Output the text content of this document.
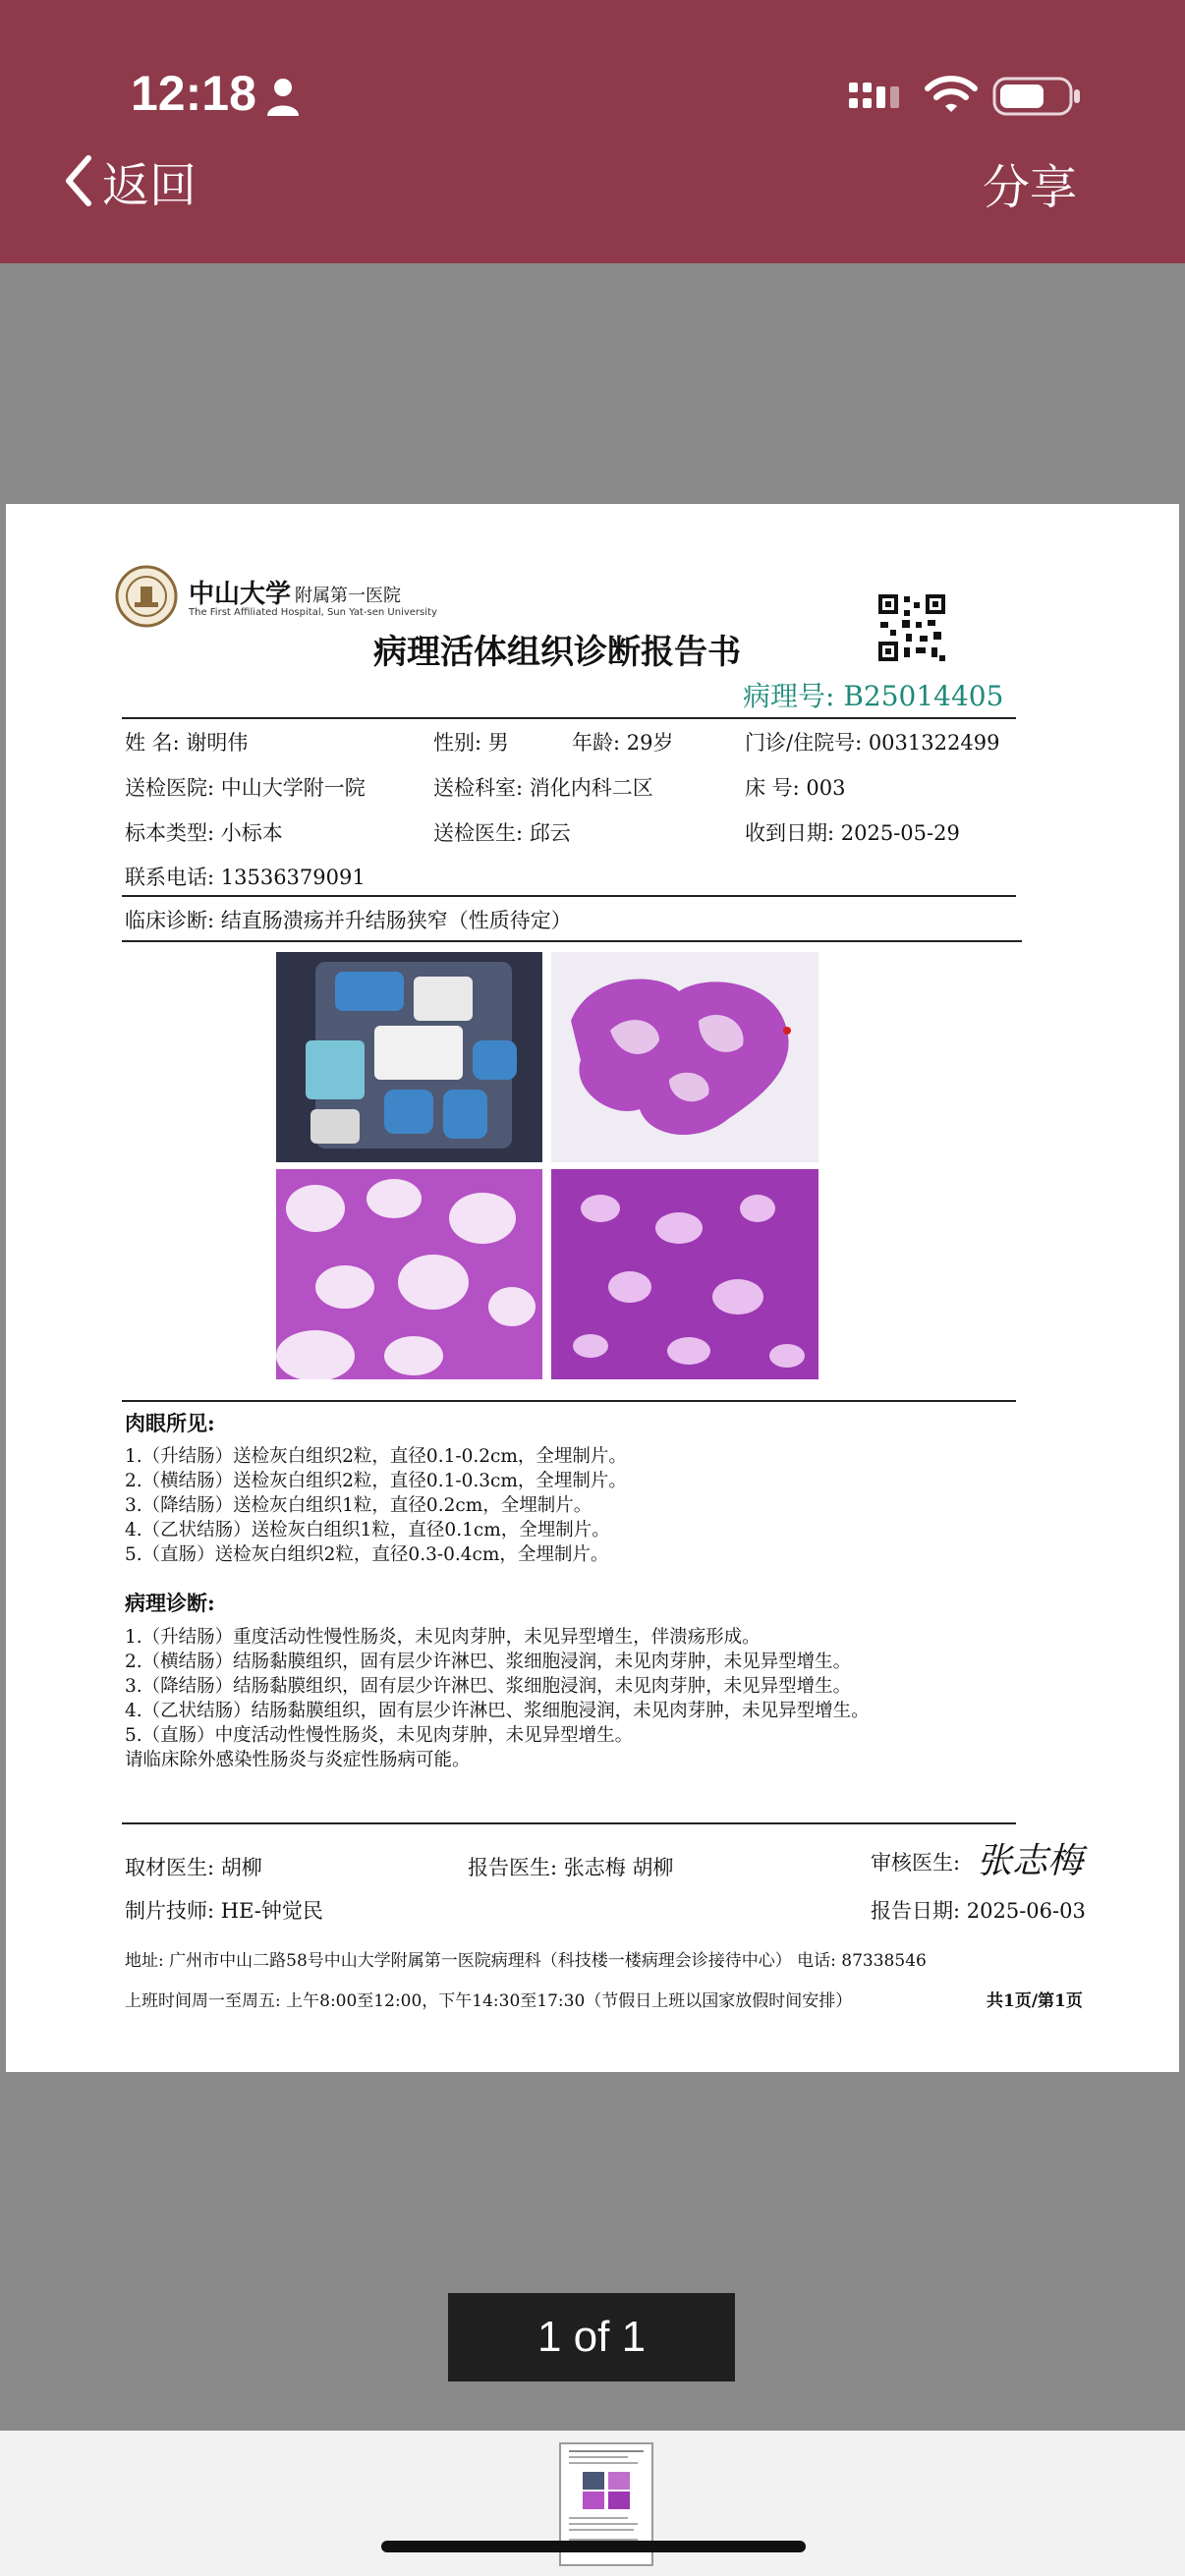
12:18
返回	分享
中山大学 附属第一医院
The First Affiliated Hospital, Sun Yat-sen University
病理活体组织诊断报告书
病理号: B25014405
姓 名: 谢明伟	性别: 男	年龄: 29岁	门诊/住院号: 0031322499
送检医院: 中山大学附一院	送检科室: 消化内科二区	床 号: 003
标本类型: 小标本	送检医生: 邱云	收到日期: 2025-05-29
联系电话: 13536379091
临床诊断: 结直肠溃疡并升结肠狭窄（性质待定）
肉眼所见:
1.（升结肠）送检灰白组织2粒，直径0.1-0.2cm，全埋制片。
2.（横结肠）送检灰白组织2粒，直径0.1-0.3cm，全埋制片。
3.（降结肠）送检灰白组织1粒，直径0.2cm，全埋制片。
4.（乙状结肠）送检灰白组织1粒，直径0.1cm，全埋制片。
5.（直肠）送检灰白组织2粒，直径0.3-0.4cm，全埋制片。
病理诊断:
1.（升结肠）重度活动性慢性肠炎，未见肉芽肿，未见异型增生，伴溃疡形成。
2.（横结肠）结肠黏膜组织，固有层少许淋巴、浆细胞浸润，未见肉芽肿，未见异型增生。
3.（降结肠）结肠黏膜组织，固有层少许淋巴、浆细胞浸润，未见肉芽肿，未见异型增生。
4.（乙状结肠）结肠黏膜组织，固有层少许淋巴、浆细胞浸润，未见肉芽肿，未见异型增生。
5.（直肠）中度活动性慢性肠炎，未见肉芽肿，未见异型增生。
请临床除外感染性肠炎与炎症性肠病可能。
取材医生: 胡柳	报告医生: 张志梅 胡柳	审核医生: 张志梅
制片技师: HE-钟觉民	报告日期: 2025-06-03
地址: 广州市中山二路58号中山大学附属第一医院病理科（科技楼一楼病理会诊接待中心） 电话: 87338546
上班时间周一至周五: 上午8:00至12:00，下午14:30至17:30（节假日上班以国家放假时间安排）	共1页/第1页
1 of 1
